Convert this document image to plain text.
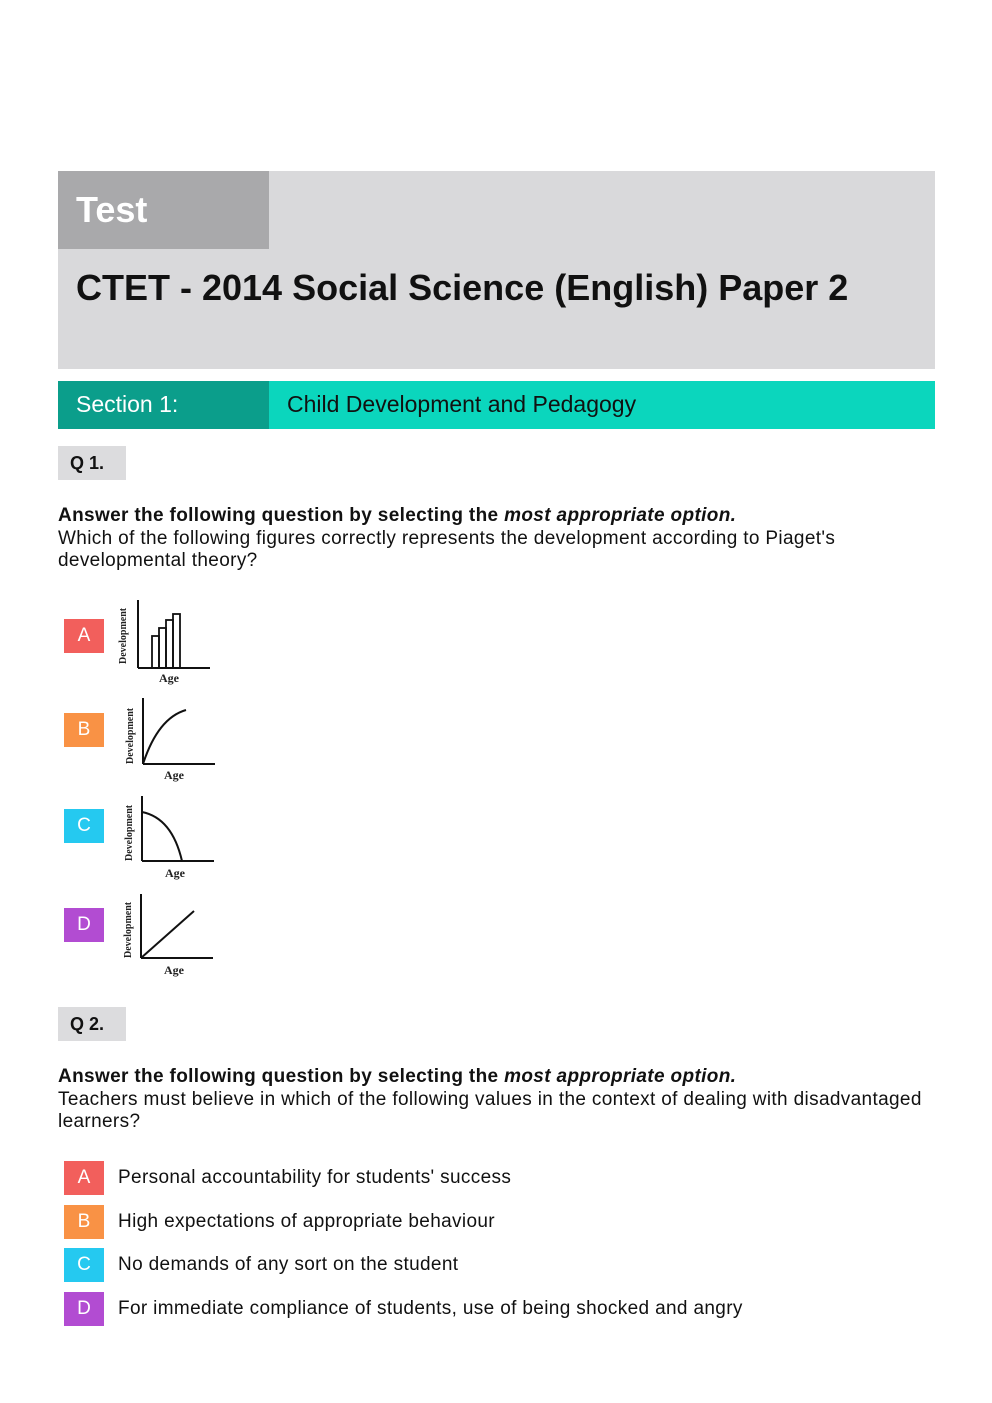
Test
CTET - 2014 Social Science (English) Paper 2
Section 1:	Child Development and Pedagogy
Q 1.
Answer the following question by selecting the most appropriate option.
Which of the following figures correctly represents the development according to Piaget's developmental theory?
A	Development
Age
B	Development
Age
C	Development
Age
D	Development
Age
Q 2.
Answer the following question by selecting the most appropriate option.
Teachers must believe in which of the following values in the context of dealing with disadvantaged learners?
A	Personal accountability for students' success
B	High expectations of appropriate behaviour
C	No demands of any sort on the student
D	For immediate compliance of students, use of being shocked and angry
